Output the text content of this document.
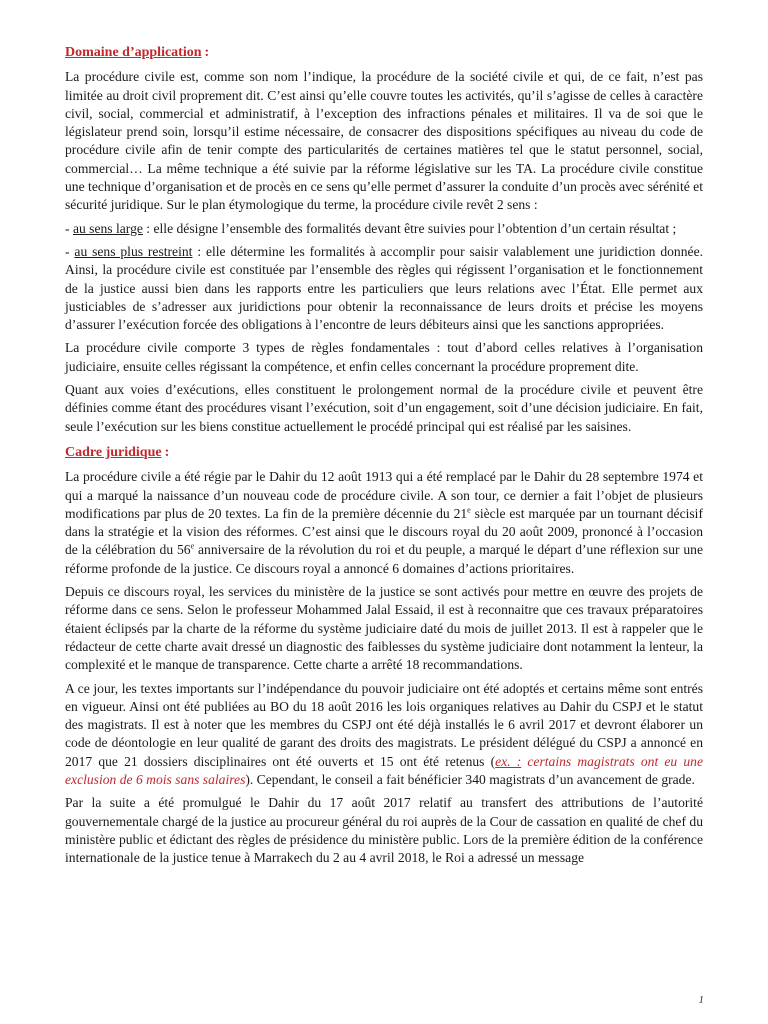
Domaine d’application :

La procédure civile est, comme son nom l’indique, la procédure de la société civile et qui, de ce fait, n’est pas limitée au droit civil proprement dit. C’est ainsi qu’elle couvre toutes les activités, qu’il s’agisse de celles à caractère civil, social, commercial et administratif, à l’exception des infractions pénales et militaires. Il va de soi que le législateur prend soin, lorsqu’il estime nécessaire, de consacrer des dispositions spécifiques au niveau du code de procédure civile afin de tenir compte des particularités de certaines matières tel que le statut personnel, social, commercial… La même technique a été suivie par la réforme législative sur les TA. La procédure civile constitue une technique d’organisation et de procès en ce sens qu’elle permet d’assurer la conduite d’un procès avec sérénité et sécurité juridique. Sur le plan étymologique du terme, la procédure civile revêt 2 sens :

- au sens large : elle désigne l’ensemble des formalités devant être suivies pour l’obtention d’un certain résultat ;

- au sens plus restreint : elle détermine les formalités à accomplir pour saisir valablement une juridiction donnée. Ainsi, la procédure civile est constituée par l’ensemble des règles qui régissent l’organisation et le fonctionnement de la justice aussi bien dans les rapports entre les particuliers que leurs relations avec l’État. Elle permet aux justiciables de s’adresser aux juridictions pour obtenir la reconnaissance de leurs droits et précise les moyens d’assurer l’exécution forcée des obligations à l’encontre de leurs débiteurs ainsi que les sanctions appropriées.

La procédure civile comporte 3 types de règles fondamentales : tout d’abord celles relatives à l’organisation judiciaire, ensuite celles régissant la compétence, et enfin celles concernant la procédure proprement dite.

Quant aux voies d’exécutions, elles constituent le prolongement normal de la procédure civile et peuvent être définies comme étant des procédures visant l’exécution, soit d’un engagement, soit d’une décision judiciaire. En fait, seule l’exécution sur les biens constitue actuellement le procédé principal qui est réalisé par les saisines.

Cadre juridique :

La procédure civile a été régie par le Dahir du 12 août 1913 qui a été remplacé par le Dahir du 28 septembre 1974 et qui a marqué la naissance d’un nouveau code de procédure civile. A son tour, ce dernier a fait l’objet de plusieurs modifications par plus de 20 textes. La fin de la première décennie du 21e siècle est marquée par un tournant décisif dans la stratégie et la vision des réformes. C’est ainsi que le discours royal du 20 août 2009, prononcé à l’occasion de la célébration du 56e anniversaire de la révolution du roi et du peuple, a marqué le départ d’une réflexion sur une réforme profonde de la justice. Ce discours royal a annoncé 6 domaines d’actions prioritaires.

Depuis ce discours royal, les services du ministère de la justice se sont activés pour mettre en œuvre des projets de réforme dans ce sens. Selon le professeur Mohammed Jalal Essaid, il est à reconnaitre que ces travaux préparatoires étaient éclipsés par la charte de la réforme du système judiciaire daté du mois de juillet 2013. Il est à rappeler que le rédacteur de cette charte avait dressé un diagnostic des faiblesses du système judiciaire dont notamment la lenteur, la complexité et le manque de transparence. Cette charte a arrêté 18 recommandations.

A ce jour, les textes importants sur l’indépendance du pouvoir judiciaire ont été adoptés et certains même sont entrés en vigueur. Ainsi ont été publiées au BO du 18 août 2016 les lois organiques relatives au Dahir du CSPJ et le statut des magistrats. Il est à noter que les membres du CSPJ ont été déjà installés le 6 avril 2017 et devront élaborer un code de déontologie en leur qualité de garant des droits des magistrats. Le président délégué du CSPJ a annoncé en 2017 que 21 dossiers disciplinaires ont été ouverts et 15 ont été retenus (ex. : certains magistrats ont eu une exclusion de 6 mois sans salaires). Cependant, le conseil a fait bénéficier 340 magistrats d’un avancement de grade.

Par la suite a été promulgué le Dahir du 17 août 2017 relatif au transfert des attributions de l’autorité gouvernementale chargé de la justice au procureur général du roi auprès de la Cour de cassation en qualité de chef du ministère public et édictant des règles de présidence du ministère public. Lors de la première édition de la conférence internationale de la justice tenue à Marrakech du 2 au 4 avril 2018, le Roi a adressé un message

1
